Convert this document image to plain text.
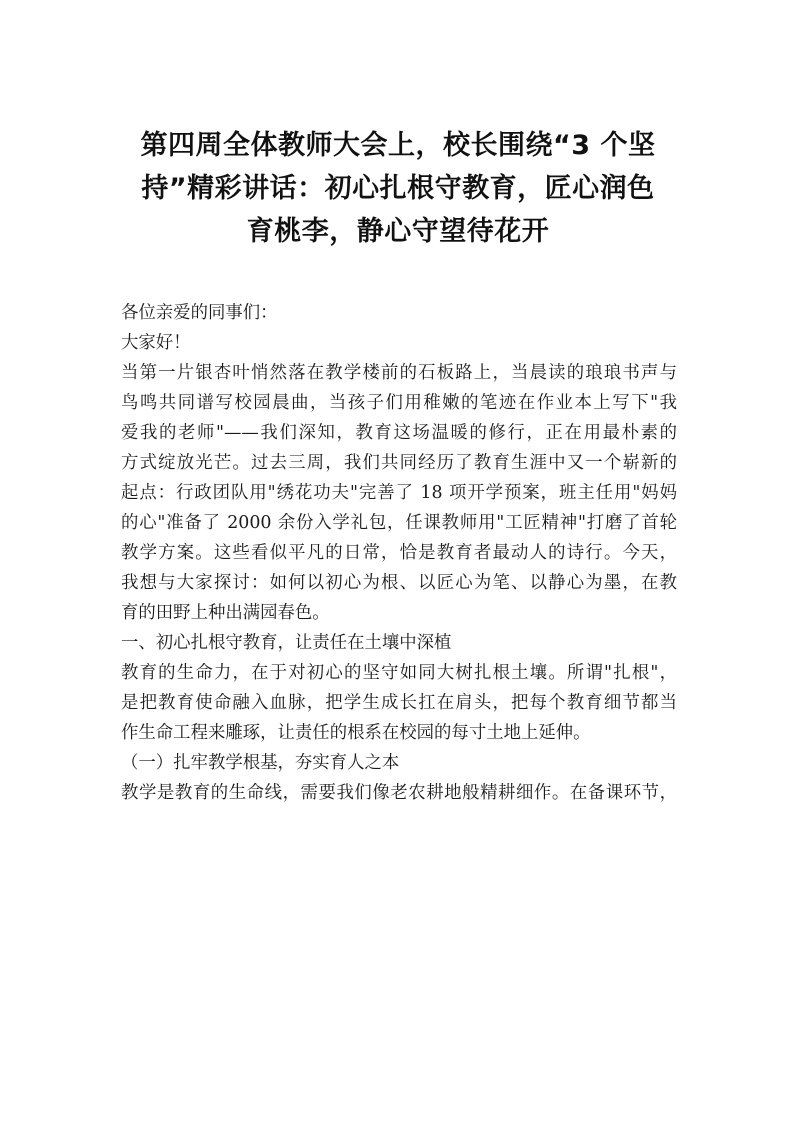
第四周全体教师大会上，校长围绕“3 个坚
持”精彩讲话：初心扎根守教育，匠心润色
育桃李，静心守望待花开
各位亲爱的同事们：
大家好！
当第一片银杏叶悄然落在教学楼前的石板路上，当晨读的琅琅书声与
鸟鸣共同谱写校园晨曲，当孩子们用稚嫩的笔迹在作业本上写下"我
爱我的老师"——我们深知，教育这场温暖的修行，正在用最朴素的
方式绽放光芒。过去三周，我们共同经历了教育生涯中又一个崭新的
起点：行政团队用"绣花功夫"完善了 18 项开学预案，班主任用"妈妈
的心"准备了 2000 余份入学礼包，任课教师用"工匠精神"打磨了首轮
教学方案。这些看似平凡的日常，恰是教育者最动人的诗行。今天，
我想与大家探讨：如何以初心为根、以匠心为笔、以静心为墨，在教
育的田野上种出满园春色。
一、初心扎根守教育，让责任在土壤中深植
教育的生命力，在于对初心的坚守如同大树扎根土壤。所谓"扎根"，
是把教育使命融入血脉，把学生成长扛在肩头，把每个教育细节都当
作生命工程来雕琢，让责任的根系在校园的每寸土地上延伸。
（一）扎牢教学根基，夯实育人之本
教学是教育的生命线，需要我们像老农耕地般精耕细作。在备课环节，
